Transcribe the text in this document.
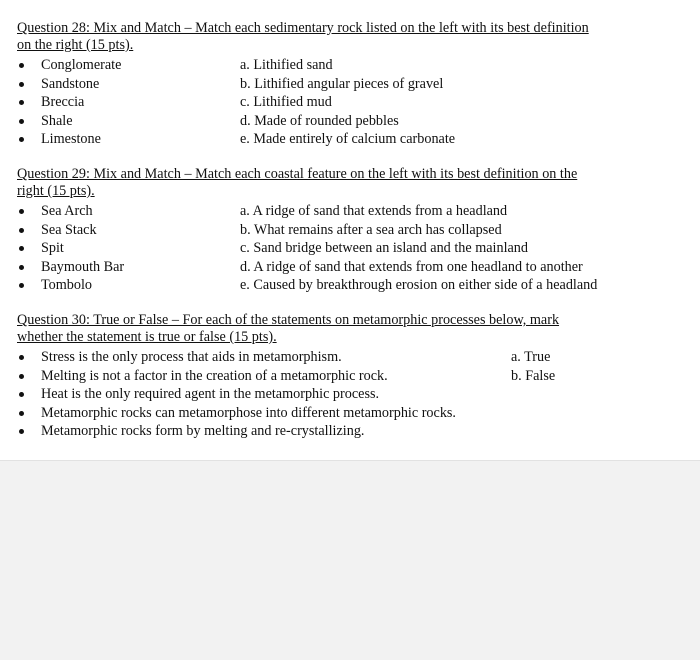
Question 28: Mix and Match – Match each sedimentary rock listed on the left with its best definition
on the right (15 pts).

Conglomerate	a. Lithified sand
Sandstone	b. Lithified angular pieces of gravel
Breccia	c. Lithified mud
Shale	d. Made of rounded pebbles
Limestone	e. Made entirely of calcium carbonate

Question 29: Mix and Match – Match each coastal feature on the left with its best definition on the
right (15 pts).

Sea Arch	a. A ridge of sand that extends from a headland
Sea Stack	b. What remains after a sea arch has collapsed
Spit	c. Sand bridge between an island and the mainland
Baymouth Bar	d. A ridge of sand that extends from one headland to another
Tombolo	e. Caused by breakthrough erosion on either side of a headland

Question 30: True or False – For each of the statements on metamorphic processes below, mark
whether the statement is true or false (15 pts).

Stress is the only process that aids in metamorphism.	a. True
Melting is not a factor in the creation of a metamorphic rock.	b. False
Heat is the only required agent in the metamorphic process.
Metamorphic rocks can metamorphose into different metamorphic rocks.
Metamorphic rocks form by melting and re-crystallizing.
